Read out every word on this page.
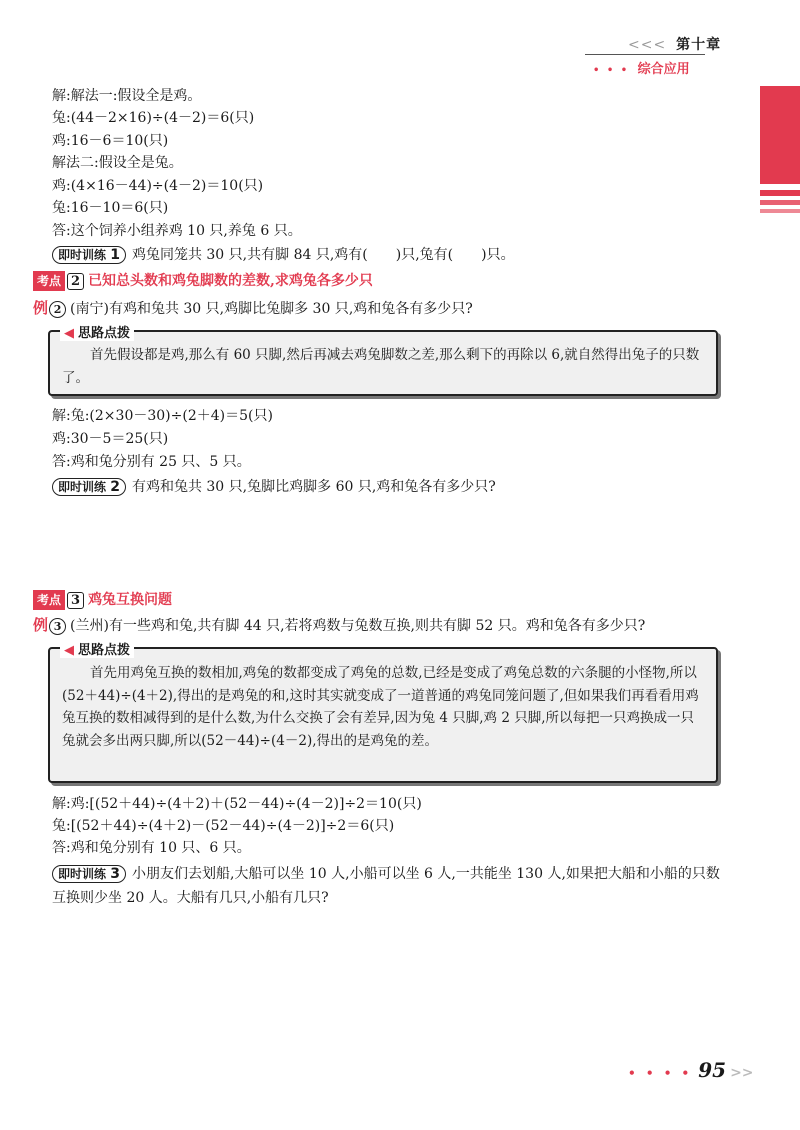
<<< 第十章
• • • 综合应用
解:解法一:假设全是鸡。
兔:(44－2×16)÷(4－2)＝6(只)
鸡:16－6＝10(只)
解法二:假设全是兔。
鸡:(4×16－44)÷(4－2)＝10(只)
兔:16－10＝6(只)
答:这个饲养小组养鸡 10 只,养兔 6 只。
即时训练 1 鸡兔同笼共 30 只,共有脚 84 只,鸡有(　　)只,兔有(　　)只。
考点 2 已知总头数和鸡兔脚数的差数,求鸡兔各多少只
例 2 (南宁)有鸡和兔共 30 只,鸡脚比兔脚多 30 只,鸡和兔各有多少只?
◀ 思路点拨
首先假设都是鸡,那么有 60 只脚,然后再减去鸡兔脚数之差,那么剩下的再除以 6,就自然得出兔子的只数了。
解:兔:(2×30－30)÷(2＋4)＝5(只)
鸡:30－5＝25(只)
答:鸡和兔分别有 25 只、5 只。
即时训练 2 有鸡和兔共 30 只,兔脚比鸡脚多 60 只,鸡和兔各有多少只?
考点 3 鸡兔互换问题
例 3 (兰州)有一些鸡和兔,共有脚 44 只,若将鸡数与兔数互换,则共有脚 52 只。鸡和兔各有多少只?
◀ 思路点拨
首先用鸡兔互换的数相加,鸡兔的数都变成了鸡兔的总数,已经是变成了鸡兔总数的六条腿的小怪物,所以(52＋44)÷(4＋2),得出的是鸡兔的和,这时其实就变成了一道普通的鸡兔同笼问题了,但如果我们再看看用鸡兔互换的数相减得到的是什么数,为什么交换了会有差异,因为兔 4 只脚,鸡 2 只脚,所以每把一只鸡换成一只兔就会多出两只脚,所以(52－44)÷(4－2),得出的是鸡兔的差。
解:鸡:[(52＋44)÷(4＋2)＋(52－44)÷(4－2)]÷2＝10(只)
兔:[(52＋44)÷(4＋2)－(52－44)÷(4－2)]÷2＝6(只)
答:鸡和兔分别有 10 只、6 只。
即时训练 3 小朋友们去划船,大船可以坐 10 人,小船可以坐 6 人,一共能坐 130 人,如果把大船和小船的只数互换则少坐 20 人。大船有几只,小船有几只?
• • • • 95 >>
